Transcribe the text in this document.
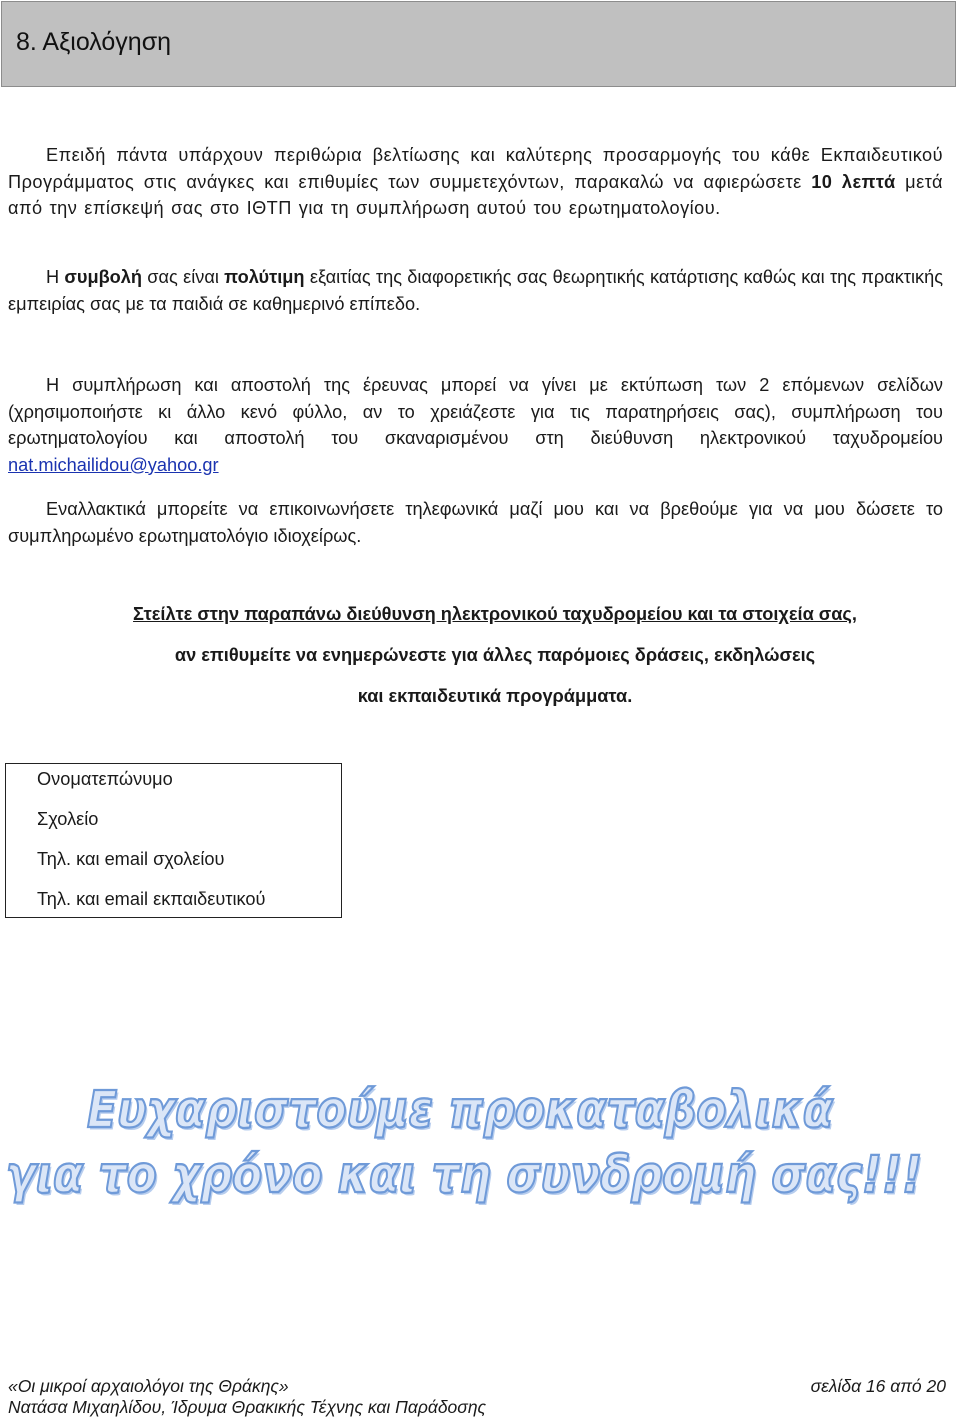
8. Αξιολόγηση

Επειδή πάντα υπάρχουν περιθώρια βελτίωσης και καλύτερης προσαρμογής του κάθε Εκπαιδευτικού Προγράμματος στις ανάγκες και επιθυμίες των συμμετεχόντων, παρακαλώ να αφιερώσετε 10 λεπτά μετά από την επίσκεψή σας στο ΙΘΤΠ για τη συμπλήρωση αυτού του ερωτηματολογίου.

Η συμβολή σας είναι πολύτιμη εξαιτίας της διαφορετικής σας θεωρητικής κατάρτισης καθώς και της πρακτικής εμπειρίας σας με τα παιδιά σε καθημερινό επίπεδο.

Η συμπλήρωση και αποστολή της έρευνας μπορεί να γίνει με εκτύπωση των 2 επόμενων σελίδων (χρησιμοποιήστε κι άλλο κενό φύλλο, αν το χρειάζεστε για τις παρατηρήσεις σας), συμπλήρωση του ερωτηματολογίου και αποστολή του σκαναρισμένου στη διεύθυνση ηλεκτρονικού ταχυδρομείου nat.michailidou@yahoo.gr

Εναλλακτικά μπορείτε να επικοινωνήσετε τηλεφωνικά μαζί μου και να βρεθούμε για να μου δώσετε το συμπληρωμένο ερωτηματολόγιο ιδιοχείρως.

Στείλτε στην παραπάνω διεύθυνση ηλεκτρονικού ταχυδρομείου και τα στοιχεία σας,
αν επιθυμείτε να ενημερώνεστε για άλλες παρόμοιες δράσεις, εκδηλώσεις
και εκπαιδευτικά προγράμματα.
Ονοματεπώνυμο
Σχολείο
Τηλ. και email σχολείου
Τηλ. και email εκπαιδευτικού
Ευχαριστούμε προκαταβολικά
για το χρόνο και τη συνδρομή σας!!!
«Οι μικροί αρχαιολόγοι της Θράκης»	σελίδα 16 από 20
Νατάσα Μιχαηλίδου, Ίδρυμα Θρακικής Τέχνης και Παράδοσης
